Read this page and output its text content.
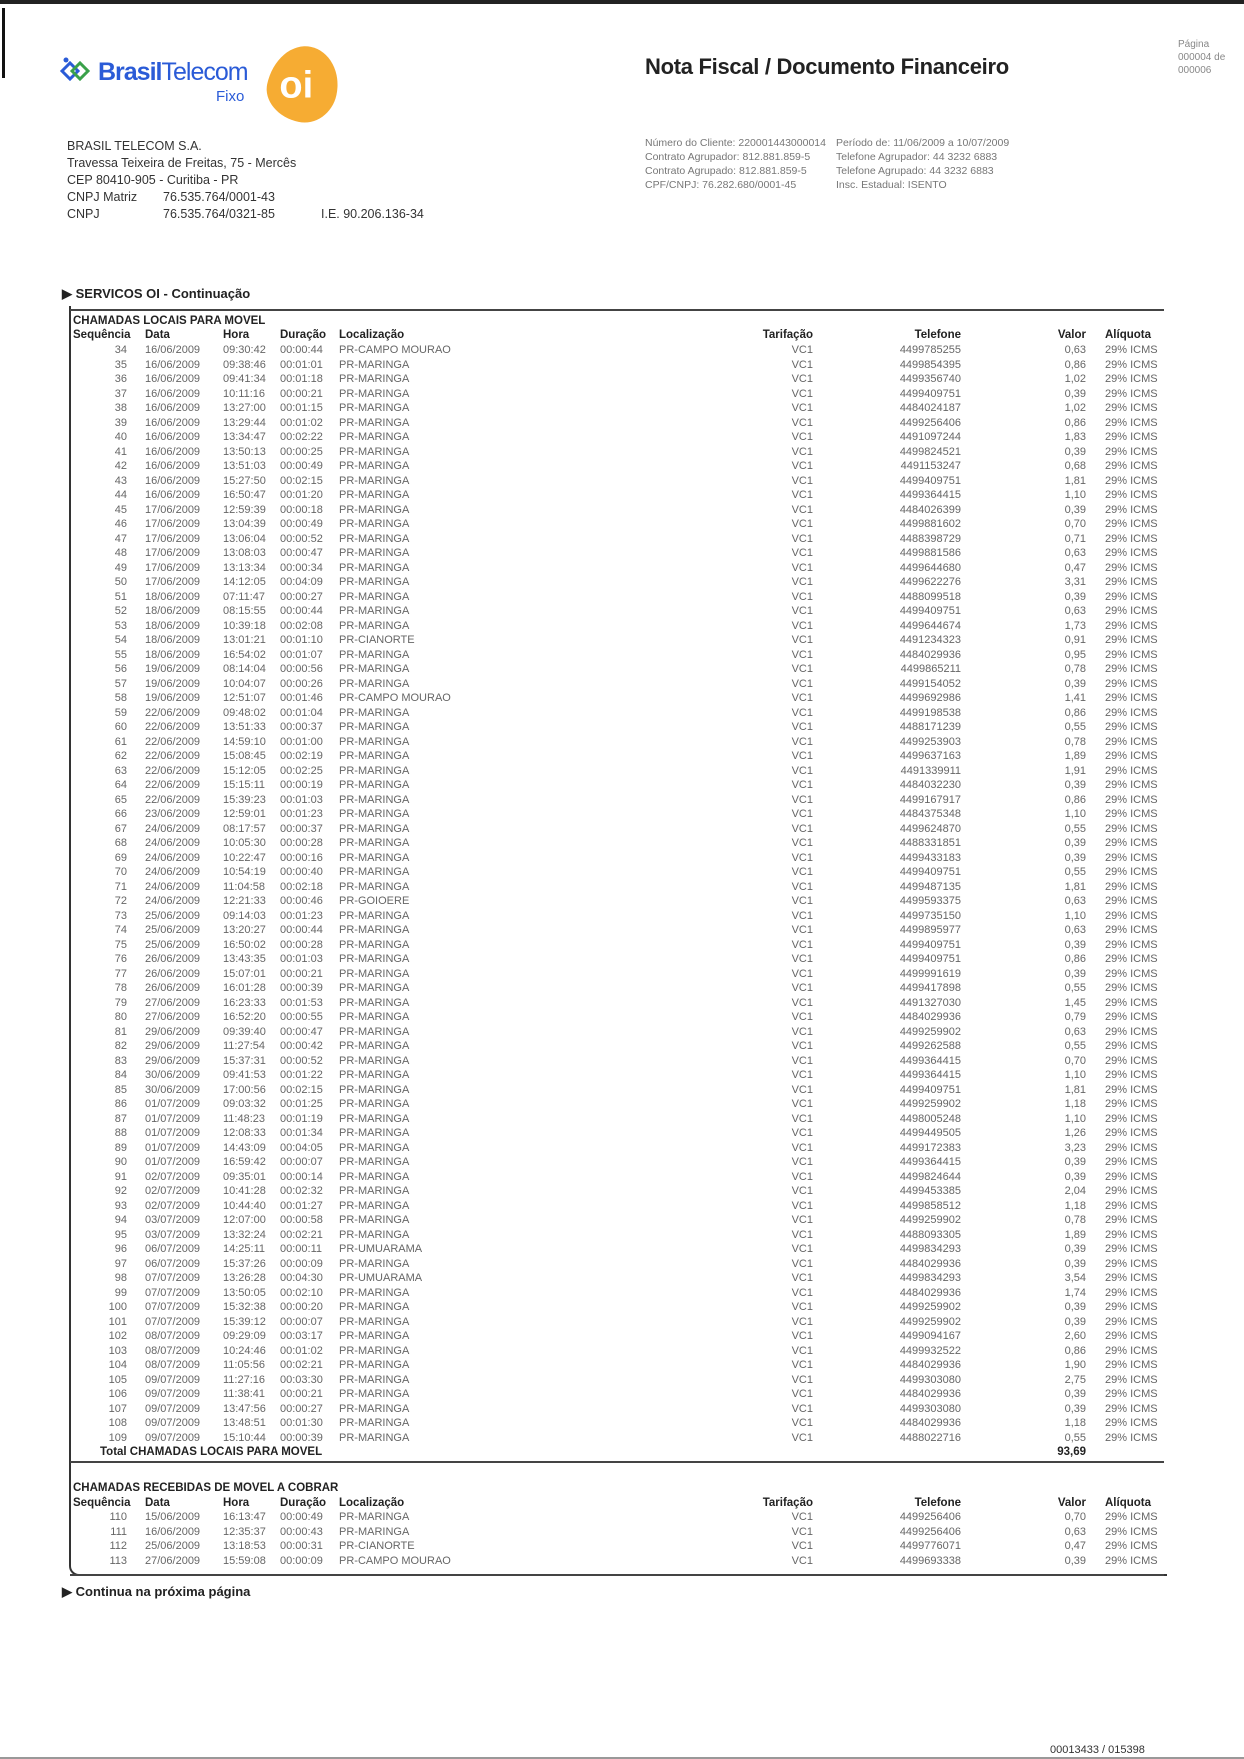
BrasilTelecom
Fixo oi	Nota Fiscal / Documento Financeiro
Página
000004 de
000006
BRASIL TELECOM S.A.
Travessa Teixeira de Freitas, 75 - Mercês
CEP 80410-905 - Curitiba - PR
CNPJ Matriz	76.535.764/0001-43
CNPJ	76.535.764/0321-85	I.E. 90.206.136-34
Número do Cliente: 220001443000014
Contrato Agrupador: 812.881.859-5
Contrato Agrupado: 812.881.859-5
CPF/CNPJ: 76.282.680/0001-45
Período de: 11/06/2009 a 10/07/2009
Telefone Agrupador: 44 3232 6883
Telefone Agrupado: 44 3232 6883
Insc. Estadual: ISENTO
▶ SERVICOS OI - Continuação
CHAMADAS LOCAIS PARA MOVEL
Sequência Data	Hora	Duração Localização	Tarifação	Telefone	Valor Alíquota
34 16/06/2009 09:30:42 00:00:44 PR-CAMPO MOURAO	VC1	4499785255	0,63 29% ICMS
35 16/06/2009 09:38:46 00:01:01 PR-MARINGA	VC1	4499854395	0,86 29% ICMS
36 16/06/2009 09:41:34 00:01:18 PR-MARINGA	VC1	4499356740	1,02 29% ICMS
37 16/06/2009 10:11:16 00:00:21 PR-MARINGA	VC1	4499409751	0,39 29% ICMS
38 16/06/2009 13:27:00 00:01:15 PR-MARINGA	VC1	4484024187	1,02 29% ICMS
39 16/06/2009 13:29:44 00:01:02 PR-MARINGA	VC1	4499256406	0,86 29% ICMS
40 16/06/2009 13:34:47 00:02:22 PR-MARINGA	VC1	4491097244	1,83 29% ICMS
41 16/06/2009 13:50:13 00:00:25 PR-MARINGA	VC1	4499824521	0,39 29% ICMS
42 16/06/2009 13:51:03 00:00:49 PR-MARINGA	VC1	4491153247	0,68 29% ICMS
43 16/06/2009 15:27:50 00:02:15 PR-MARINGA	VC1	4499409751	1,81 29% ICMS
44 16/06/2009 16:50:47 00:01:20 PR-MARINGA	VC1	4499364415	1,10 29% ICMS
45 17/06/2009 12:59:39 00:00:18 PR-MARINGA	VC1	4484026399	0,39 29% ICMS
46 17/06/2009 13:04:39 00:00:49 PR-MARINGA	VC1	4499881602	0,70 29% ICMS
47 17/06/2009 13:06:04 00:00:52 PR-MARINGA	VC1	4488398729	0,71 29% ICMS
48 17/06/2009 13:08:03 00:00:47 PR-MARINGA	VC1	4499881586	0,63 29% ICMS
49 17/06/2009 13:13:34 00:00:34 PR-MARINGA	VC1	4499644680	0,47 29% ICMS
50 17/06/2009 14:12:05 00:04:09 PR-MARINGA	VC1	4499622276	3,31 29% ICMS
51 18/06/2009 07:11:47 00:00:27 PR-MARINGA	VC1	4488099518	0,39 29% ICMS
52 18/06/2009 08:15:55 00:00:44 PR-MARINGA	VC1	4499409751	0,63 29% ICMS
53 18/06/2009 10:39:18 00:02:08 PR-MARINGA	VC1	4499644674	1,73 29% ICMS
54 18/06/2009 13:01:21 00:01:10 PR-CIANORTE	VC1	4491234323	0,91 29% ICMS
55 18/06/2009 16:54:02 00:01:07 PR-MARINGA	VC1	4484029936	0,95 29% ICMS
56 19/06/2009 08:14:04 00:00:56 PR-MARINGA	VC1	4499865211	0,78 29% ICMS
57 19/06/2009 10:04:07 00:00:26 PR-MARINGA	VC1	4499154052	0,39 29% ICMS
58 19/06/2009 12:51:07 00:01:46 PR-CAMPO MOURAO	VC1	4499692986	1,41 29% ICMS
59 22/06/2009 09:48:02 00:01:04 PR-MARINGA	VC1	4499198538	0,86 29% ICMS
60 22/06/2009 13:51:33 00:00:37 PR-MARINGA	VC1	4488171239	0,55 29% ICMS
61 22/06/2009 14:59:10 00:01:00 PR-MARINGA	VC1	4499253903	0,78 29% ICMS
62 22/06/2009 15:08:45 00:02:19 PR-MARINGA	VC1	4499637163	1,89 29% ICMS
63 22/06/2009 15:12:05 00:02:25 PR-MARINGA	VC1	4491339911	1,91 29% ICMS
64 22/06/2009 15:15:11 00:00:19 PR-MARINGA	VC1	4484032230	0,39 29% ICMS
65 22/06/2009 15:39:23 00:01:03 PR-MARINGA	VC1	4499167917	0,86 29% ICMS
66 23/06/2009 12:59:01 00:01:23 PR-MARINGA	VC1	4484375348	1,10 29% ICMS
67 24/06/2009 08:17:57 00:00:37 PR-MARINGA	VC1	4499624870	0,55 29% ICMS
68 24/06/2009 10:05:30 00:00:28 PR-MARINGA	VC1	4488331851	0,39 29% ICMS
69 24/06/2009 10:22:47 00:00:16 PR-MARINGA	VC1	4499433183	0,39 29% ICMS
70 24/06/2009 10:54:19 00:00:40 PR-MARINGA	VC1	4499409751	0,55 29% ICMS
71 24/06/2009 11:04:58 00:02:18 PR-MARINGA	VC1	4499487135	1,81 29% ICMS
72 24/06/2009 12:21:33 00:00:46 PR-GOIOERE	VC1	4499593375	0,63 29% ICMS
73 25/06/2009 09:14:03 00:01:23 PR-MARINGA	VC1	4499735150	1,10 29% ICMS
74 25/06/2009 13:20:27 00:00:44 PR-MARINGA	VC1	4499895977	0,63 29% ICMS
75 25/06/2009 16:50:02 00:00:28 PR-MARINGA	VC1	4499409751	0,39 29% ICMS
76 26/06/2009 13:43:35 00:01:03 PR-MARINGA	VC1	4499409751	0,86 29% ICMS
77 26/06/2009 15:07:01 00:00:21 PR-MARINGA	VC1	4499991619	0,39 29% ICMS
78 26/06/2009 16:01:28 00:00:39 PR-MARINGA	VC1	4499417898	0,55 29% ICMS
79 27/06/2009 16:23:33 00:01:53 PR-MARINGA	VC1	4491327030	1,45 29% ICMS
80 27/06/2009 16:52:20 00:00:55 PR-MARINGA	VC1	4484029936	0,79 29% ICMS
81 29/06/2009 09:39:40 00:00:47 PR-MARINGA	VC1	4499259902	0,63 29% ICMS
82 29/06/2009 11:27:54 00:00:42 PR-MARINGA	VC1	4499262588	0,55 29% ICMS
83 29/06/2009 15:37:31 00:00:52 PR-MARINGA	VC1	4499364415	0,70 29% ICMS
84 30/06/2009 09:41:53 00:01:22 PR-MARINGA	VC1	4499364415	1,10 29% ICMS
85 30/06/2009 17:00:56 00:02:15 PR-MARINGA	VC1	4499409751	1,81 29% ICMS
86 01/07/2009 09:03:32 00:01:25 PR-MARINGA	VC1	4499259902	1,18 29% ICMS
87 01/07/2009 11:48:23 00:01:19 PR-MARINGA	VC1	4498005248	1,10 29% ICMS
88 01/07/2009 12:08:33 00:01:34 PR-MARINGA	VC1	4499449505	1,26 29% ICMS
89 01/07/2009 14:43:09 00:04:05 PR-MARINGA	VC1	4499172383	3,23 29% ICMS
90 01/07/2009 16:59:42 00:00:07 PR-MARINGA	VC1	4499364415	0,39 29% ICMS
91 02/07/2009 09:35:01 00:00:14 PR-MARINGA	VC1	4499824644	0,39 29% ICMS
92 02/07/2009 10:41:28 00:02:32 PR-MARINGA	VC1	4499453385	2,04 29% ICMS
93 02/07/2009 10:44:40 00:01:27 PR-MARINGA	VC1	4499858512	1,18 29% ICMS
94 03/07/2009 12:07:00 00:00:58 PR-MARINGA	VC1	4499259902	0,78 29% ICMS
95 03/07/2009 13:32:24 00:02:21 PR-MARINGA	VC1	4488093305	1,89 29% ICMS
96 06/07/2009 14:25:11 00:00:11 PR-UMUARAMA	VC1	4499834293	0,39 29% ICMS
97 06/07/2009 15:37:26 00:00:09 PR-MARINGA	VC1	4484029936	0,39 29% ICMS
98 07/07/2009 13:26:28 00:04:30 PR-UMUARAMA	VC1	4499834293	3,54 29% ICMS
99 07/07/2009 13:50:05 00:02:10 PR-MARINGA	VC1	4484029936	1,74 29% ICMS
100 07/07/2009 15:32:38 00:00:20 PR-MARINGA	VC1	4499259902	0,39 29% ICMS
101 07/07/2009 15:39:12 00:00:07 PR-MARINGA	VC1	4499259902	0,39 29% ICMS
102 08/07/2009 09:29:09 00:03:17 PR-MARINGA	VC1	4499094167	2,60 29% ICMS
103 08/07/2009 10:24:46 00:01:02 PR-MARINGA	VC1	4499932522	0,86 29% ICMS
104 08/07/2009 11:05:56 00:02:21 PR-MARINGA	VC1	4484029936	1,90 29% ICMS
105 09/07/2009 11:27:16 00:03:30 PR-MARINGA	VC1	4499303080	2,75 29% ICMS
106 09/07/2009 11:38:41 00:00:21 PR-MARINGA	VC1	4484029936	0,39 29% ICMS
107 09/07/2009 13:47:56 00:00:27 PR-MARINGA	VC1	4499303080	0,39 29% ICMS
108 09/07/2009 13:48:51 00:01:30 PR-MARINGA	VC1	4484029936	1,18 29% ICMS
109 09/07/2009 15:10:44 00:00:39 PR-MARINGA	VC1	4488022716	0,55 29% ICMS
Total CHAMADAS LOCAIS PARA MOVEL	93,69
CHAMADAS RECEBIDAS DE MOVEL A COBRAR
Sequência Data	Hora	Duração Localização	Tarifação	Telefone	Valor Alíquota
110 15/06/2009 16:13:47 00:00:49 PR-MARINGA	VC1	4499256406	0,70 29% ICMS
111 16/06/2009 12:35:37 00:00:43 PR-MARINGA	VC1	4499256406	0,63 29% ICMS
112 25/06/2009 13:18:53 00:00:31 PR-CIANORTE	VC1	4499776071	0,47 29% ICMS
113 27/06/2009 15:59:08 00:00:09 PR-CAMPO MOURAO	VC1	4499693338	0,39 29% ICMS
▶ Continua na próxima página
00013433 / 015398
